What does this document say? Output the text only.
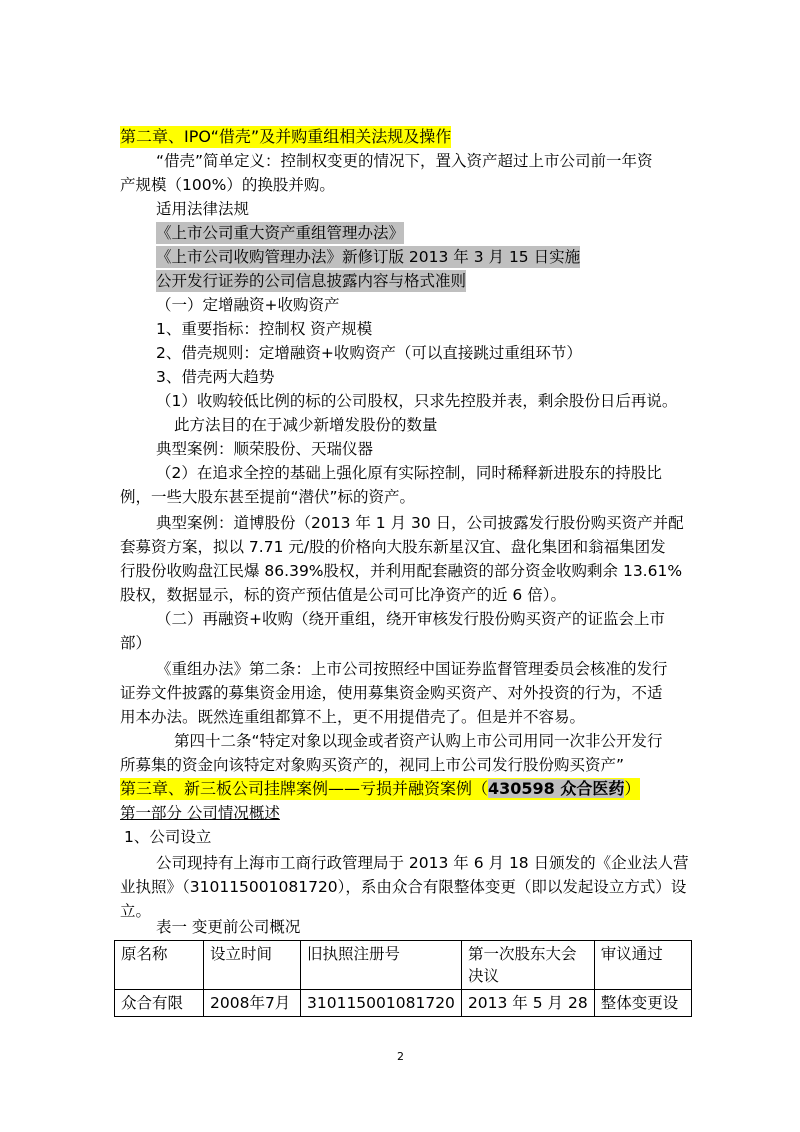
第二章、IPO“借壳”及并购重组相关法规及操作
“借壳”简单定义：控制权变更的情况下，置入资产超过上市公司前一年资
产规模（100%）的换股并购。
适用法律法规
《上市公司重大资产重组管理办法》
《上市公司收购管理办法》新修订版 2013 年 3 月 15 日实施
公开发行证券的公司信息披露内容与格式准则
（一）定增融资+收购资产
1、重要指标：控制权 资产规模
2、借壳规则：定增融资+收购资产（可以直接跳过重组环节）
3、借壳两大趋势
（1）收购较低比例的标的公司股权，只求先控股并表，剩余股份日后再说。
此方法目的在于减少新增发股份的数量
典型案例：顺荣股份、天瑞仪器
（2）在追求全控的基础上强化原有实际控制，同时稀释新进股东的持股比
例，一些大股东甚至提前“潜伏”标的资产。
典型案例：道博股份（2013 年 1 月 30 日，公司披露发行股份购买资产并配
套募资方案，拟以 7.71 元/股的价格向大股东新星汉宜、盘化集团和翁福集团发
行股份收购盘江民爆 86.39%股权，并利用配套融资的部分资金收购剩余 13.61%
股权，数据显示，标的资产预估值是公司可比净资产的近 6 倍）。
（二）再融资+收购（绕开重组，绕开审核发行股份购买资产的证监会上市
部）
《重组办法》第二条：上市公司按照经中国证券监督管理委员会核准的发行
证券文件披露的募集资金用途，使用募集资金购买资产、对外投资的行为，不适
用本办法。既然连重组都算不上，更不用提借壳了。但是并不容易。
第四十二条“特定对象以现金或者资产认购上市公司用同一次非公开发行
所募集的资金向该特定对象购买资产的，视同上市公司发行股份购买资产”
第三章、新三板公司挂牌案例——亏损并融资案例（430598 众合医药）
第一部分 公司情况概述
1、公司设立
公司现持有上海市工商行政管理局于 2013 年 6 月 18 日颁发的《企业法人营
业执照》（310115001081720），系由众合有限整体变更（即以发起设立方式）设
立。
表一 变更前公司概况
原名称	设立时间	旧执照注册号	第一次股东大会决议	审议通过
众合有限	2008年7月	310115001081720	2013 年 5 月 28	整体变更设
2
